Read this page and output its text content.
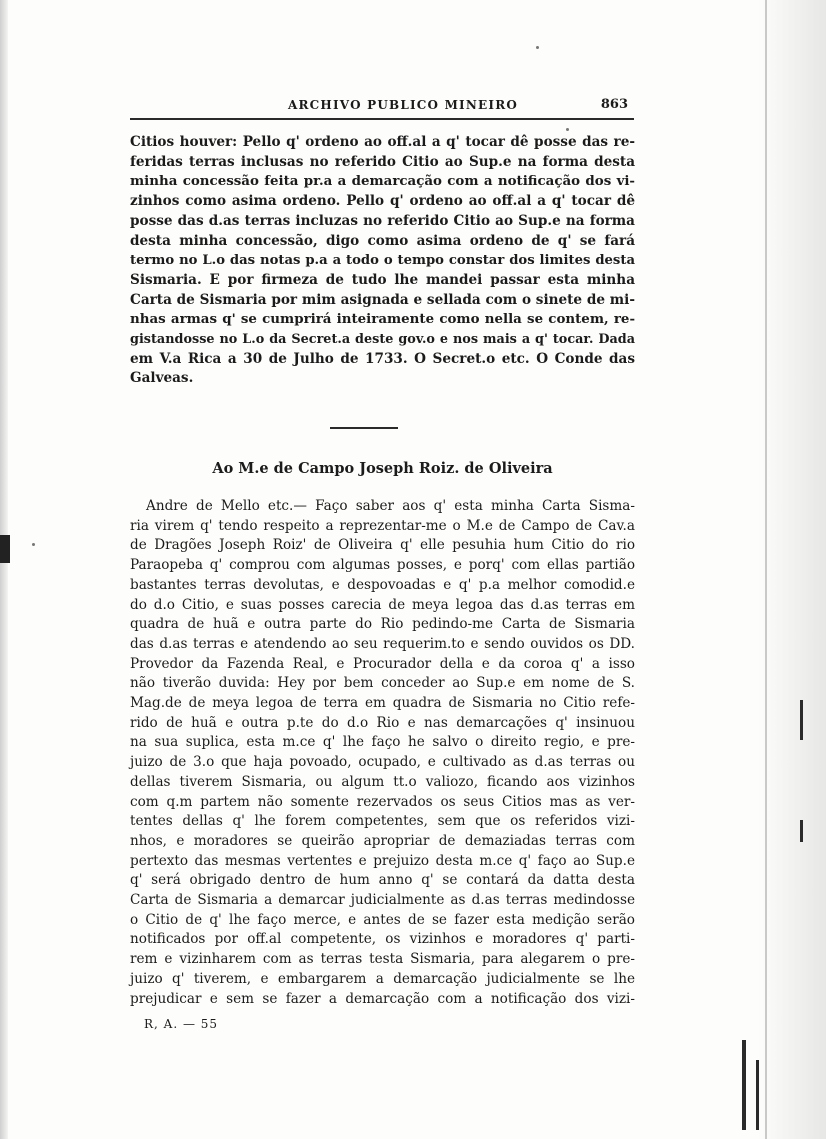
ARCHIVO PUBLICO MINEIRO	863

Citios houver: Pello q' ordeno ao off.al a q' tocar dê posse das re-
feridas terras inclusas no referido Citio ao Sup.e na forma desta
minha concessão feita pr.a a demarcação com a notificação dos vi-
zinhos como asima ordeno. Pello q' ordeno ao off.al a q' tocar dê
posse das d.as terras incluzas no referido Citio ao Sup.e na forma
desta minha concessão, digo como asima ordeno de q' se fará
termo no L.o das notas p.a a todo o tempo constar dos limites desta
Sismaria. E por firmeza de tudo lhe mandei passar esta minha
Carta de Sismaria por mim asignada e sellada com o sinete de mi-
nhas armas q' se cumprirá inteiramente como nella se contem, re-
gistandosse no L.o da Secret.a deste gov.o e nos mais a q' tocar. Dada
em V.a Rica a 30 de Julho de 1733. O Secret.o etc. O Conde das
Galveas.

Ao M.e de Campo Joseph Roiz. de Oliveira

Andre de Mello etc.— Faço saber aos q' esta minha Carta Sisma-
ria virem q' tendo respeito a reprezentar-me o M.e de Campo de Cav.a
de Dragões Joseph Roiz' de Oliveira q' elle pesuhia hum Citio do rio
Paraopeba q' comprou com algumas posses, e porq' com ellas partião
bastantes terras devolutas, e despovoadas e q' p.a melhor comodid.e
do d.o Citio, e suas posses carecia de meya legoa das d.as terras em
quadra de huã e outra parte do Rio pedindo-me Carta de Sismaria
das d.as terras e atendendo ao seu requerim.to e sendo ouvidos os DD.
Provedor da Fazenda Real, e Procurador della e da coroa q' a isso
não tiverão duvida: Hey por bem conceder ao Sup.e em nome de S.
Mag.de de meya legoa de terra em quadra de Sismaria no Citio refe-
rido de huã e outra p.te do d.o Rio e nas demarcações q' insinuou
na sua suplica, esta m.ce q' lhe faço he salvo o direito regio, e pre-
juizo de 3.o que haja povoado, ocupado, e cultivado as d.as terras ou
dellas tiverem Sismaria, ou algum tt.o valiozo, ficando aos vizinhos
com q.m partem não somente rezervados os seus Citios mas as ver-
tentes dellas q' lhe forem competentes, sem que os referidos vizi-
nhos, e moradores se queirão apropriar de demaziadas terras com
pertexto das mesmas vertentes e prejuizo desta m.ce q' faço ao Sup.e
q' será obrigado dentro de hum anno q' se contará da datta desta
Carta de Sismaria a demarcar judicialmente as d.as terras medindosse
o Citio de q' lhe faço merce, e antes de se fazer esta medição serão
notificados por off.al competente, os vizinhos e moradores q' parti-
rem e vizinharem com as terras testa Sismaria, para alegarem o pre-
juizo q' tiverem, e embargarem a demarcação judicialmente se lhe
prejudicar e sem se fazer a demarcação com a notificação dos vizi-

R, A. — 55
